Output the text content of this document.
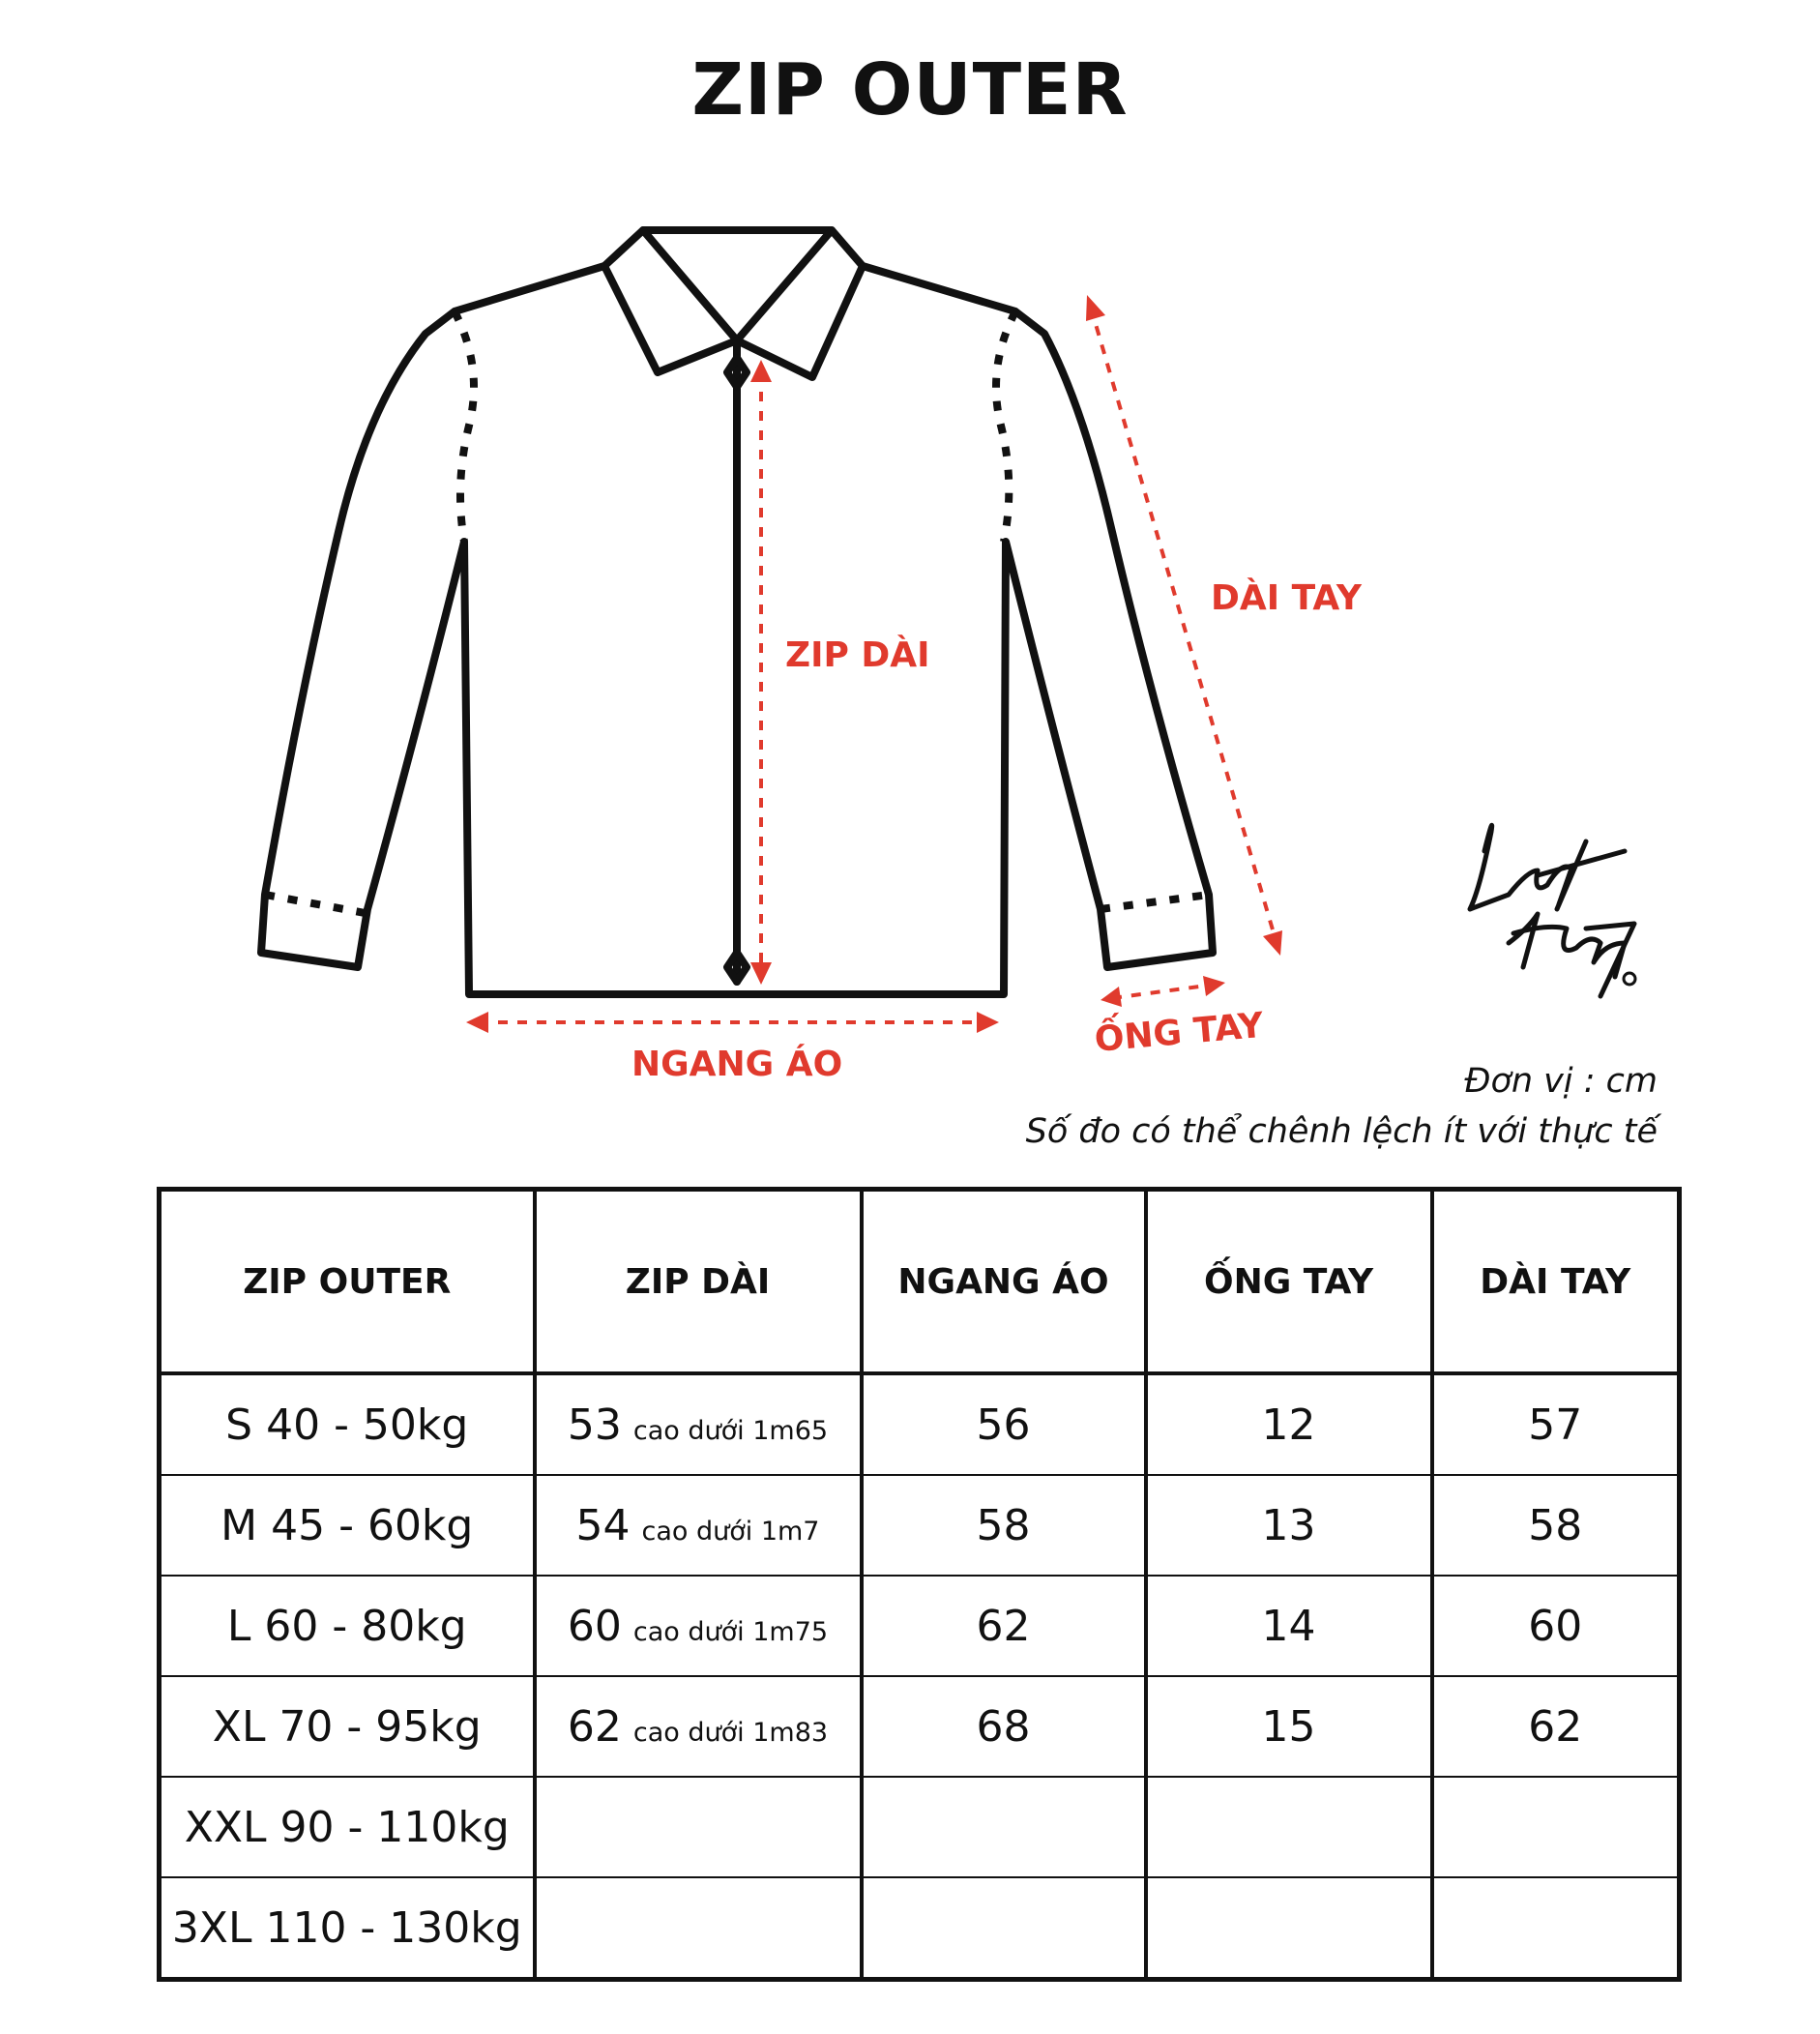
ZIP OUTER
ZIP DÀI
NGANG ÁO
ỐNG TAY
DÀI TAY
Đơn vị : cm
Số đo có thể chênh lệch ít với thực tế
ZIP OUTER	ZIP DÀI	NGANG ÁO	ỐNG TAY	DÀI TAY
S 40 - 50kg	53 cao dưới 1m65	56	12	57
M 45 - 60kg	54 cao dưới 1m7	58	13	58
L 60 - 80kg	60 cao dưới 1m75	62	14	60
XL 70 - 95kg	62 cao dưới 1m83	68	15	62
XXL 90 - 110kg				
3XL 110 - 130kg				
